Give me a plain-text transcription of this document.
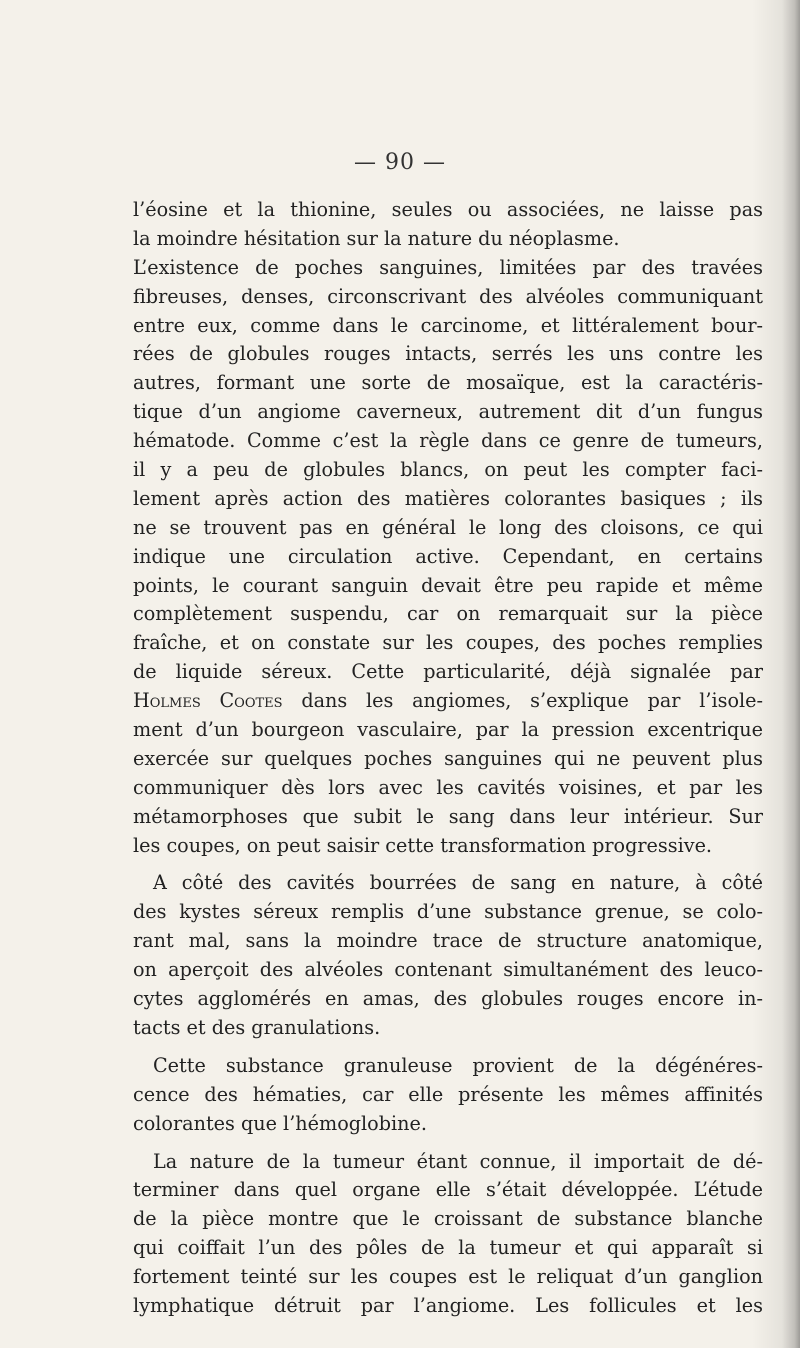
— 90 —
l’éosine et la thionine, seules ou associées, ne laisse pas
la moindre hésitation sur la nature du néoplasme.
L’existence de poches sanguines, limitées par des travées
fibreuses, denses, circonscrivant des alvéoles communiquant
entre eux, comme dans le carcinome, et littéralement bour-
rées de globules rouges intacts, serrés les uns contre les
autres, formant une sorte de mosaïque, est la caractéris-
tique d’un angiome caverneux, autrement dit d’un fungus
hématode. Comme c’est la règle dans ce genre de tumeurs,
il y a peu de globules blancs, on peut les compter faci-
lement après action des matières colorantes basiques ; ils
ne se trouvent pas en général le long des cloisons, ce qui
indique une circulation active. Cependant, en certains
points, le courant sanguin devait être peu rapide et même
complètement suspendu, car on remarquait sur la pièce
fraîche, et on constate sur les coupes, des poches remplies
de liquide séreux. Cette particularité, déjà signalée par
Holmes Cootes dans les angiomes, s’explique par l’isole-
ment d’un bourgeon vasculaire, par la pression excentrique
exercée sur quelques poches sanguines qui ne peuvent plus
communiquer dès lors avec les cavités voisines, et par les
métamorphoses que subit le sang dans leur intérieur. Sur
les coupes, on peut saisir cette transformation progressive.
A côté des cavités bourrées de sang en nature, à côté
des kystes séreux remplis d’une substance grenue, se colo-
rant mal, sans la moindre trace de structure anatomique,
on aperçoit des alvéoles contenant simultanément des leuco-
cytes agglomérés en amas, des globules rouges encore in-
tacts et des granulations.
Cette substance granuleuse provient de la dégénéres-
cence des hématies, car elle présente les mêmes affinités
colorantes que l’hémoglobine.
La nature de la tumeur étant connue, il importait de dé-
terminer dans quel organe elle s’était développée. L’étude
de la pièce montre que le croissant de substance blanche
qui coiffait l’un des pôles de la tumeur et qui apparaît si
fortement teinté sur les coupes est le reliquat d’un ganglion
lymphatique détruit par l’angiome. Les follicules et les
